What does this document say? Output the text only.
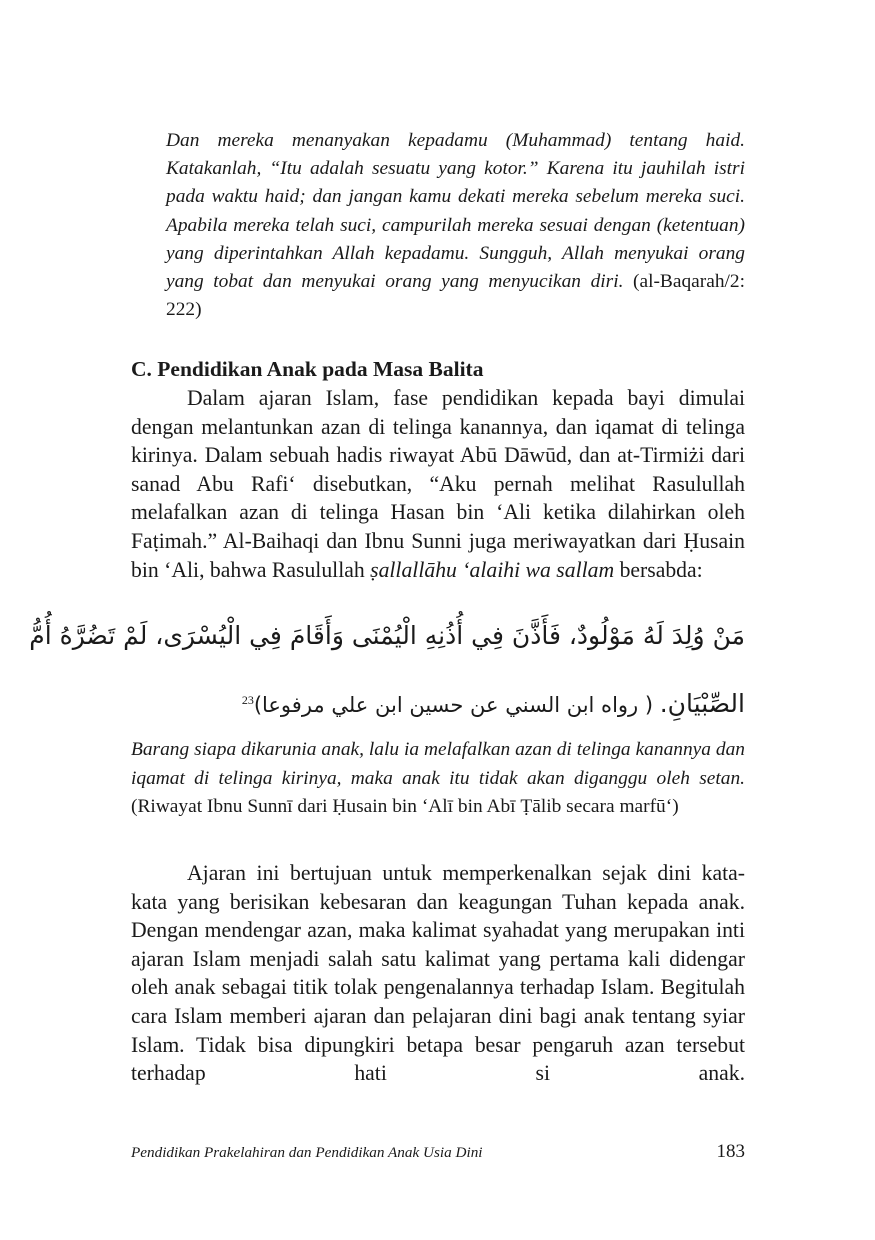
Dan mereka menanyakan kepadamu (Muhammad) tentang haid. Katakanlah, “Itu adalah sesuatu yang kotor.” Karena itu jauhilah istri pada waktu haid; dan jangan kamu dekati mereka sebelum mereka suci. Apabila mereka telah suci, campurilah mereka sesuai dengan (ketentuan) yang diperintahkan Allah kepadamu. Sungguh, Allah menyukai orang yang tobat dan menyukai orang yang menyucikan diri. (al-Baqarah/2: 222)
C. Pendidikan Anak pada Masa Balita
Dalam ajaran Islam, fase pendidikan kepada bayi dimulai dengan melantunkan azan di telinga kanannya, dan iqamat di telinga kirinya. Dalam sebuah hadis riwayat Abū Dāwūd, dan at-Tirmiżi dari sanad Abu Rafi‘ disebutkan, “Aku pernah melihat Rasulullah melafalkan azan di telinga Hasan bin ‘Ali ketika dilahirkan oleh Faṭimah.” Al-Baihaqi dan Ibnu Sunni juga meriwayatkan dari Ḥusain bin ‘Ali, bahwa Rasulullah ṣallallāhu ‘alaihi wa sallam bersabda:
مَنْ وُلِدَ لَهُ مَوْلُودٌ، فَأَذَّنَ فِي أُذُنِهِ الْيُمْنَى وَأَقَامَ فِي الْيُسْرَى، لَمْ تَضُرَّهُ أُمُّ
الصِّبْيَانِ. ( رواه ابن السني عن حسين ابن علي مرفوعا)$^{23}$
Barang siapa dikarunia anak, lalu ia melafalkan azan di telinga kanannya dan iqamat di telinga kirinya, maka anak itu tidak akan diganggu oleh setan. (Riwayat Ibnu Sunnī dari Ḥusain bin ‘Alī bin Abī Ṭālib secara marfū‘)
Ajaran ini bertujuan untuk memperkenalkan sejak dini kata-kata yang berisikan kebesaran dan keagungan Tuhan kepada anak. Dengan mendengar azan, maka kalimat syahadat yang merupakan inti ajaran Islam menjadi salah satu kalimat yang pertama kali didengar oleh anak sebagai titik tolak pengenalannya terhadap Islam. Begitulah cara Islam memberi ajaran dan pelajaran dini bagi anak tentang syiar Islam. Tidak bisa dipungkiri betapa besar pengaruh azan tersebut terhadap hati si anak.
Pendidikan Prakelahiran dan Pendidikan Anak Usia Dini	183
